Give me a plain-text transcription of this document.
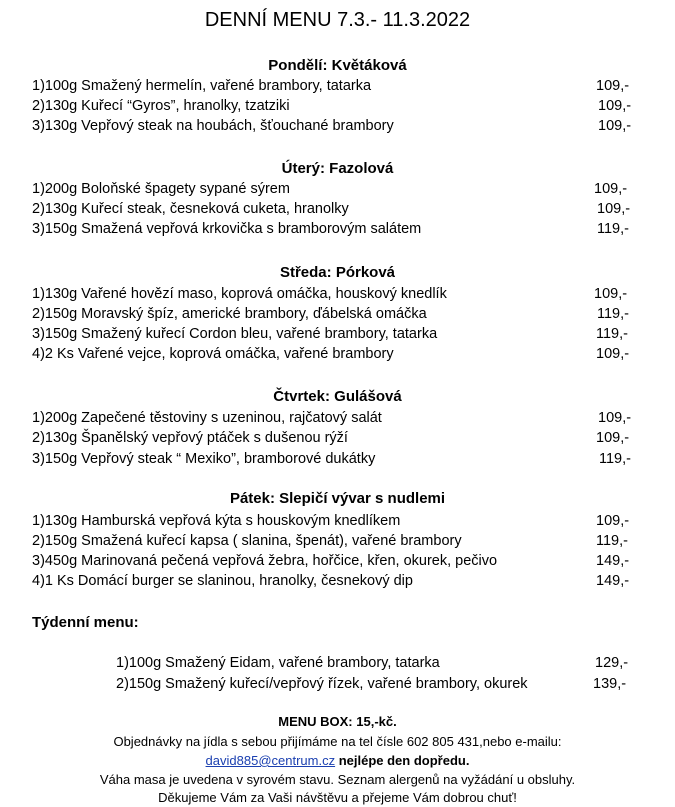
DENNÍ MENU 7.3.- 11.3.2022
Pondělí: Květáková
1)100g Smažený hermelín, vařené brambory, tatarka	109,-
2)130g Kuřecí “Gyros”, hranolky, tzatziki	109,-
3)130g Vepřový steak na houbách, šťouchané brambory	109,-
Úterý: Fazolová
1)200g Boloňské špagety sypané sýrem	109,-
2)130g Kuřecí steak, česneková cuketa, hranolky	109,-
3)150g Smažená vepřová krkovička s bramborovým salátem	119,-
Středa: Pórková
1)130g Vařené hovězí maso, koprová omáčka, houskový knedlík	109,-
2)150g Moravský špíz, americké brambory, ďábelská omáčka	119,-
3)150g Smažený kuřecí Cordon bleu, vařené brambory, tatarka	119,-
4)2 Ks Vařené vejce, koprová omáčka, vařené brambory	109,-
Čtvrtek: Gulášová
1)200g Zapečené těstoviny s uzeninou, rajčatový salát	109,-
2)130g Španělský vepřový ptáček s dušenou rýží	109,-
3)150g Vepřový steak “ Mexiko”, bramborové dukátky	119,-
Pátek: Slepičí vývar s nudlemi
1)130g Hamburská vepřová kýta s houskovým knedlíkem	109,-
2)150g Smažená kuřecí kapsa ( slanina, špenát), vařené brambory	119,-
3)450g Marinovaná pečená vepřová žebra, hořčice, křen, okurek, pečivo	149,-
4)1 Ks Domácí burger se slaninou, hranolky, česnekový dip	149,-
Týdenní menu:
1)100g Smažený Eidam, vařené brambory, tatarka	129,-
2)150g Smažený kuřecí/vepřový řízek, vařené brambory, okurek	139,-
MENU BOX: 15,-kč.
Objednávky na jídla s sebou přijímáme na tel čísle 602 805 431,nebo e-mailu:
david885@centrum.cz nejlépe den dopředu.
Váha masa je uvedena v syrovém stavu. Seznam alergenů na vyžádání u obsluhy.
Děkujeme Vám za Vaši návštěvu a přejeme Vám dobrou chuť!
